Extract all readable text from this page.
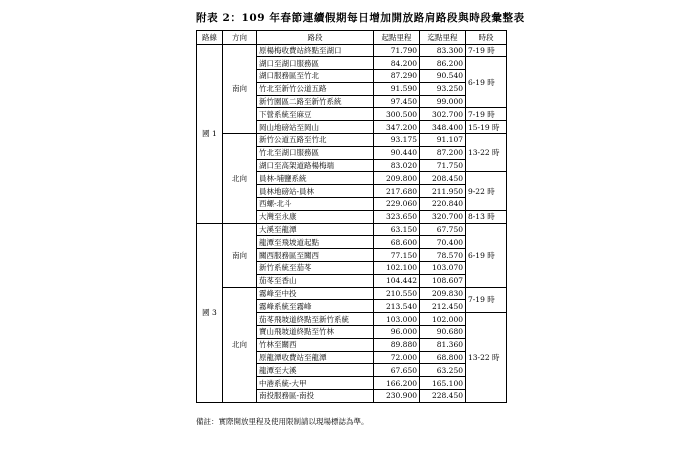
附表 2：109 年春節連續假期每日增加開放路肩路段與時段彙整表
路線	方向	路段	起點里程	迄點里程	時段
國 1	南向	原楊梅收費站終點至湖口	71.790	83.300	7-19 時
		湖口至湖口服務區	84.200	86.200	6-19 時
		湖口服務區至竹北	87.290	90.540	
		竹北至新竹公道五路	91.590	93.250	
		新竹園區二路至新竹系統	97.450	99.000	
		下營系統至麻豆	300.500	302.700	7-19 時
		岡山地磅站至岡山	347.200	348.400	15-19 時
	北向	新竹公道五路至竹北	93.175	91.107	13-22 時
		竹北至湖口服務區	90.440	87.200	
		湖口至高架道路楊梅端	83.020	71.750	
		員林-埔鹽系統	209.800	208.450	9-22 時
		員林地磅站-員林	217.680	211.950	
		西螺-北斗	229.060	220.840	
		大灣至永康	323.650	320.700	8-13 時
國 3	南向	大溪至龍潭	63.150	67.750	6-19 時
		龍潭至飛坡道起點	68.600	70.400	
		關西服務區至關西	77.150	78.570	
		新竹系統至茄苳	102.100	103.070	
		茄苳至香山	104.442	108.607	
	北向	霧峰至中投	210.550	209.830	7-19 時
		霧峰系統至霧峰	213.540	212.450	
		茄苳飛坡道終點至新竹系統	103.000	102.000	13-22 時
		寶山飛坡道終點至竹林	96.000	90.680	
		竹林至關西	89.880	81.360	
		原龍潭收費站至龍潭	72.000	68.800	
		龍潭至大溪	67.650	63.250	
		中港系統-大甲	166.200	165.100	
		南投服務區-南投	230.900	228.450	
備註：實際開放里程及使用限制請以現場標誌為準。
